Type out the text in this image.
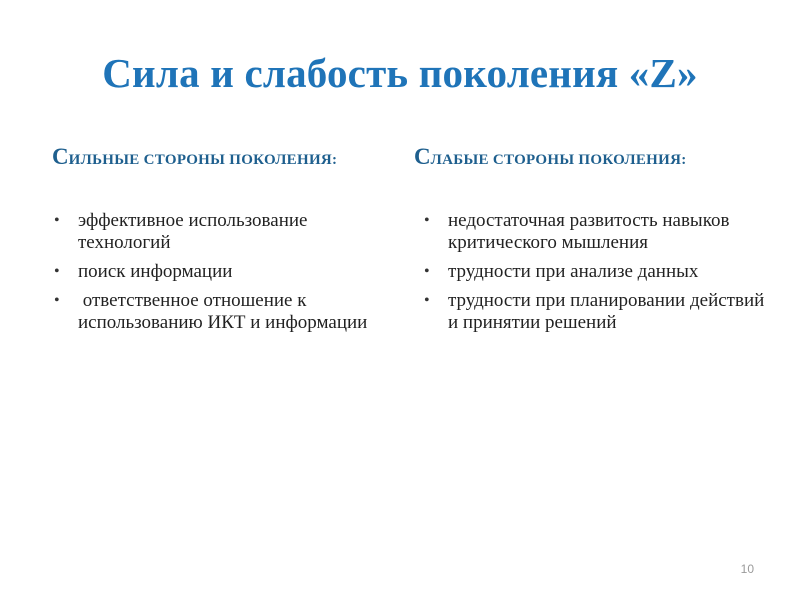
Сила и слабость поколения «Z»
СИЛЬНЫЕ СТОРОНЫ ПОКОЛЕНИЯ:	СЛАБЫЕ СТОРОНЫ ПОКОЛЕНИЯ:
• эффективное использование технологий
• поиск информации
• ответственное отношение к использованию ИКТ и информации
• недостаточная развитость навыков критического мышления
• трудности при анализе данных
• трудности при планировании действий и принятии решений
10
